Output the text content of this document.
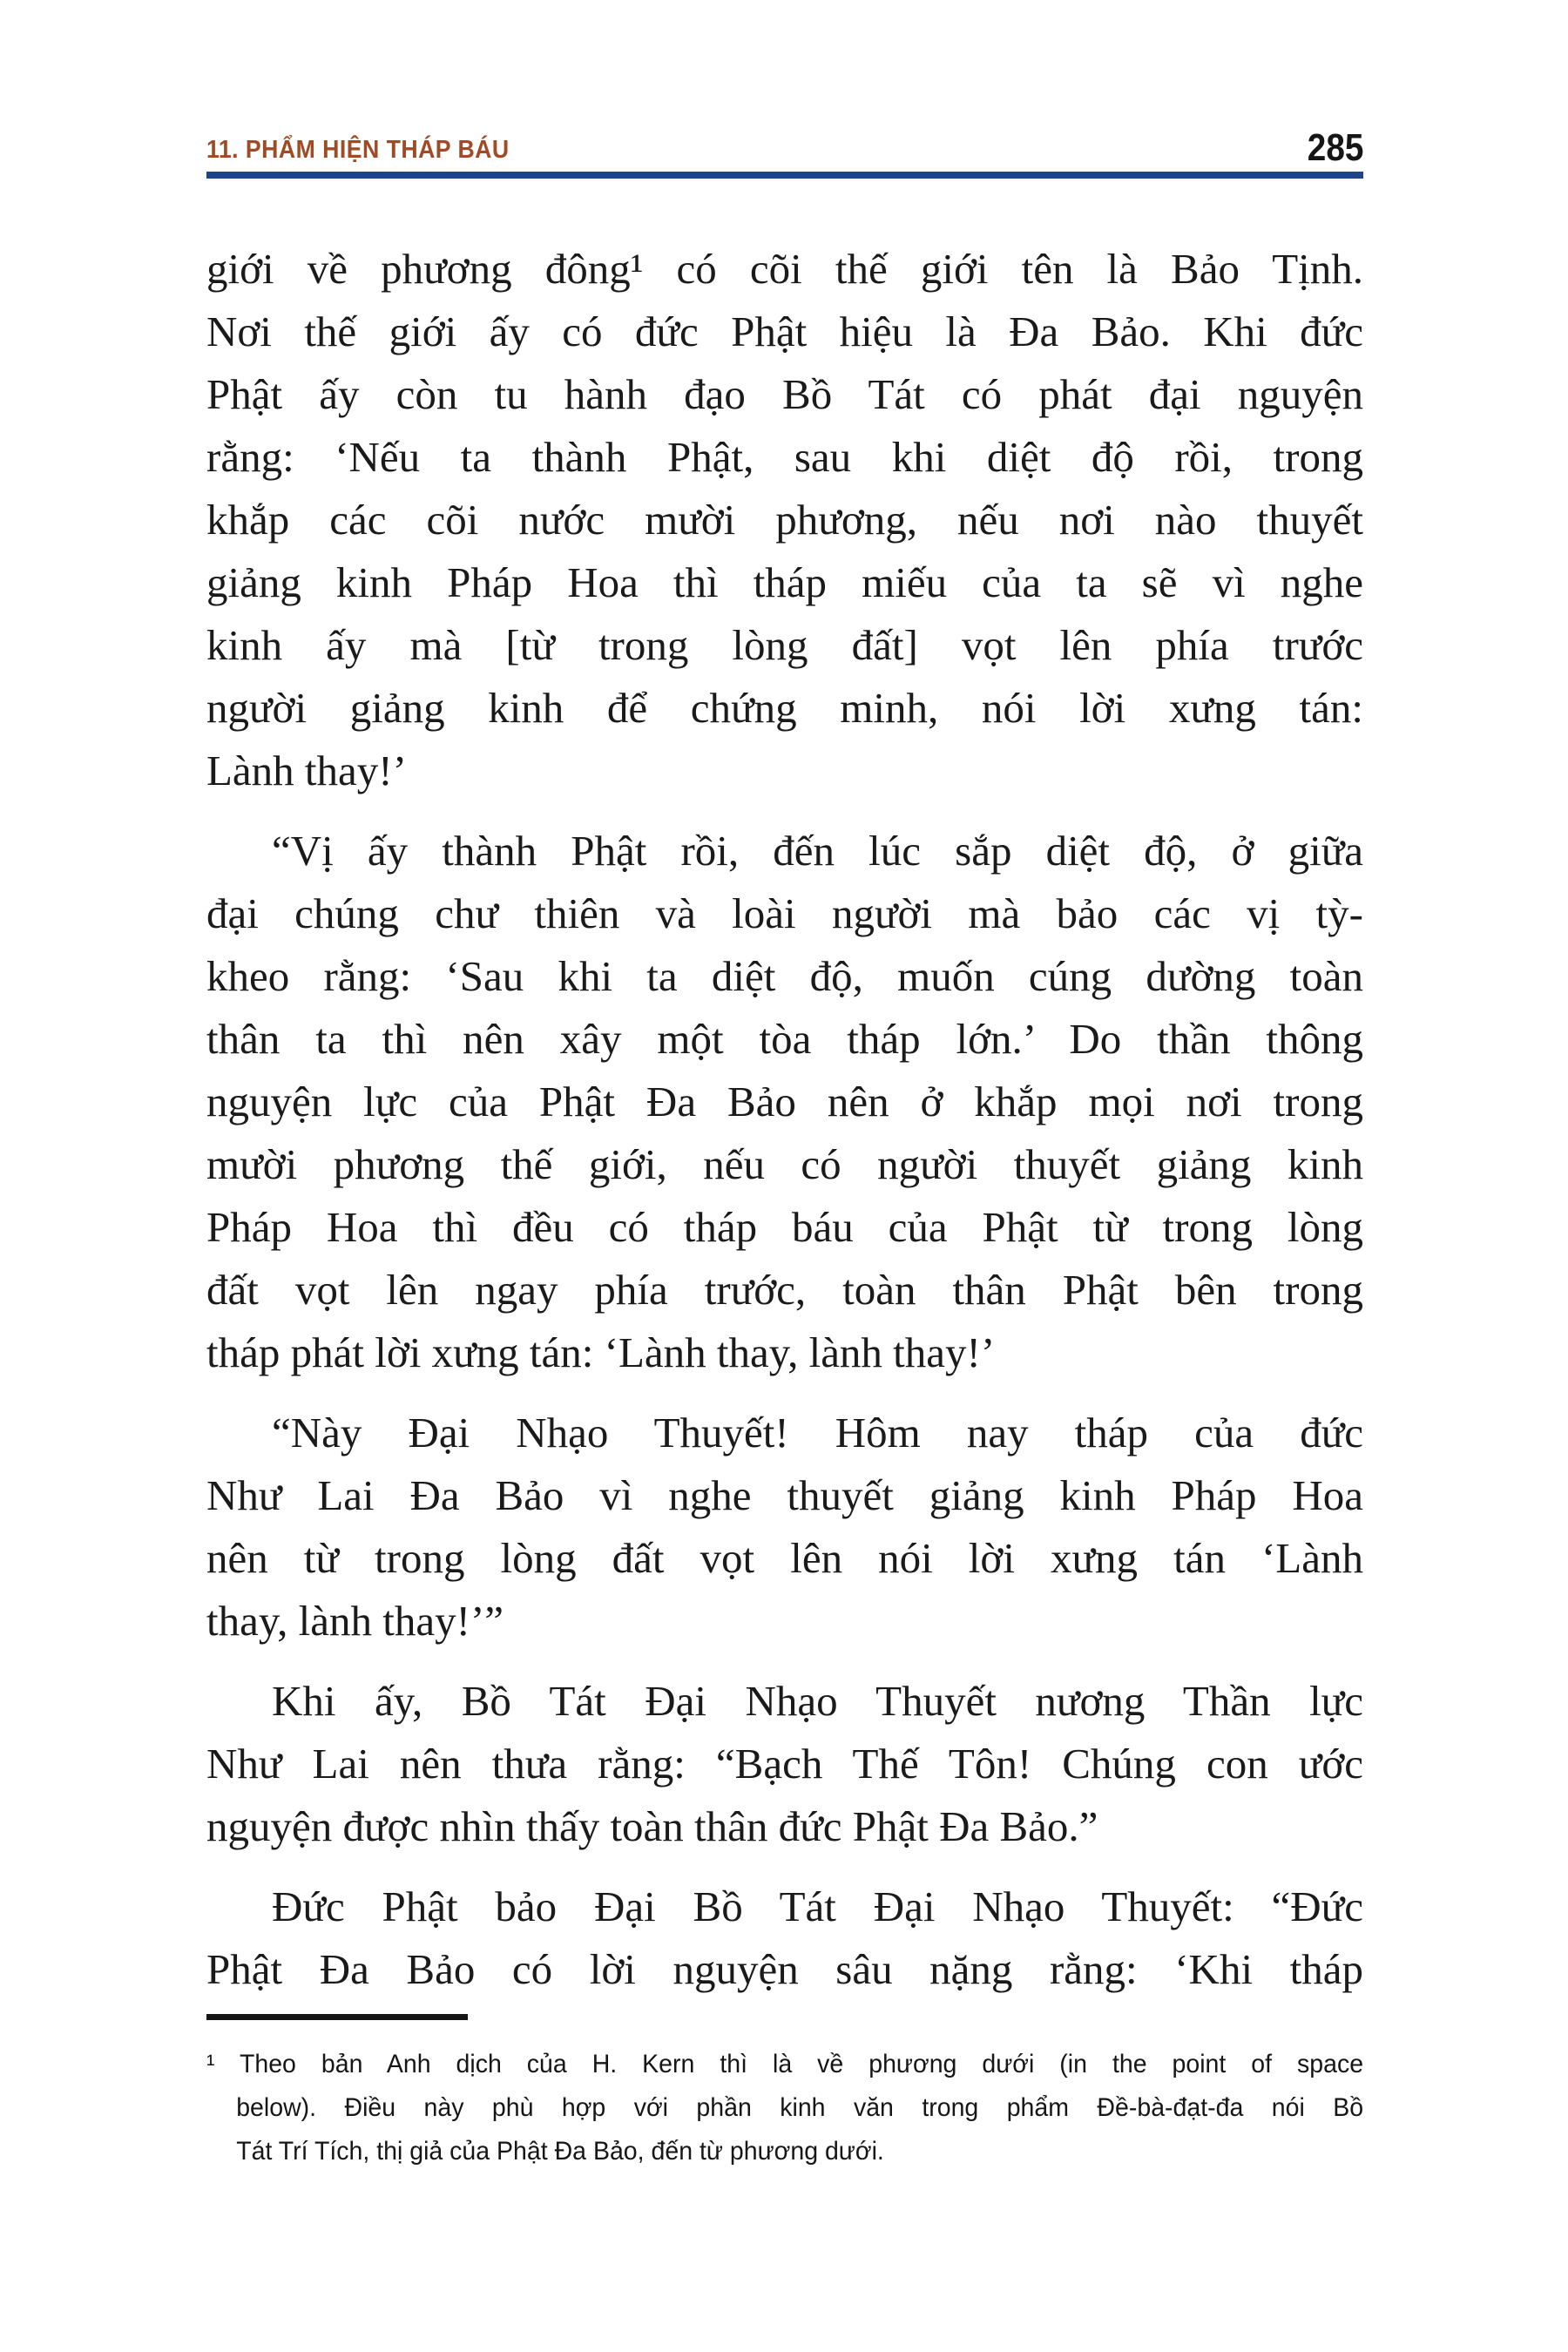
11. PHẨM HIỆN THÁP BÁU	285
giới về phương đông¹ có cõi thế giới tên là Bảo Tịnh.
Nơi thế giới ấy có đức Phật hiệu là Đa Bảo. Khi đức
Phật ấy còn tu hành đạo Bồ Tát có phát đại nguyện
rằng: ‘Nếu ta thành Phật, sau khi diệt độ rồi, trong
khắp các cõi nước mười phương, nếu nơi nào thuyết
giảng kinh Pháp Hoa thì tháp miếu của ta sẽ vì nghe
kinh ấy mà [từ trong lòng đất] vọt lên phía trước
người giảng kinh để chứng minh, nói lời xưng tán:
Lành thay!’
“Vị ấy thành Phật rồi, đến lúc sắp diệt độ, ở giữa
đại chúng chư thiên và loài người mà bảo các vị tỳ-
kheo rằng: ‘Sau khi ta diệt độ, muốn cúng dường toàn
thân ta thì nên xây một tòa tháp lớn.’ Do thần thông
nguyện lực của Phật Đa Bảo nên ở khắp mọi nơi trong
mười phương thế giới, nếu có người thuyết giảng kinh
Pháp Hoa thì đều có tháp báu của Phật từ trong lòng
đất vọt lên ngay phía trước, toàn thân Phật bên trong
tháp phát lời xưng tán: ‘Lành thay, lành thay!’
“Này Đại Nhạo Thuyết! Hôm nay tháp của đức
Như Lai Đa Bảo vì nghe thuyết giảng kinh Pháp Hoa
nên từ trong lòng đất vọt lên nói lời xưng tán ‘Lành
thay, lành thay!’”
Khi ấy, Bồ Tát Đại Nhạo Thuyết nương Thần lực
Như Lai nên thưa rằng: “Bạch Thế Tôn! Chúng con ước
nguyện được nhìn thấy toàn thân đức Phật Đa Bảo.”
Đức Phật bảo Đại Bồ Tát Đại Nhạo Thuyết: “Đức
Phật Đa Bảo có lời nguyện sâu nặng rằng: ‘Khi tháp
¹ Theo bản Anh dịch của H. Kern thì là về phương dưới (in the point of space
below). Điều này phù hợp với phần kinh văn trong phẩm Đề-bà-đạt-đa nói Bồ
Tát Trí Tích, thị giả của Phật Đa Bảo, đến từ phương dưới.
